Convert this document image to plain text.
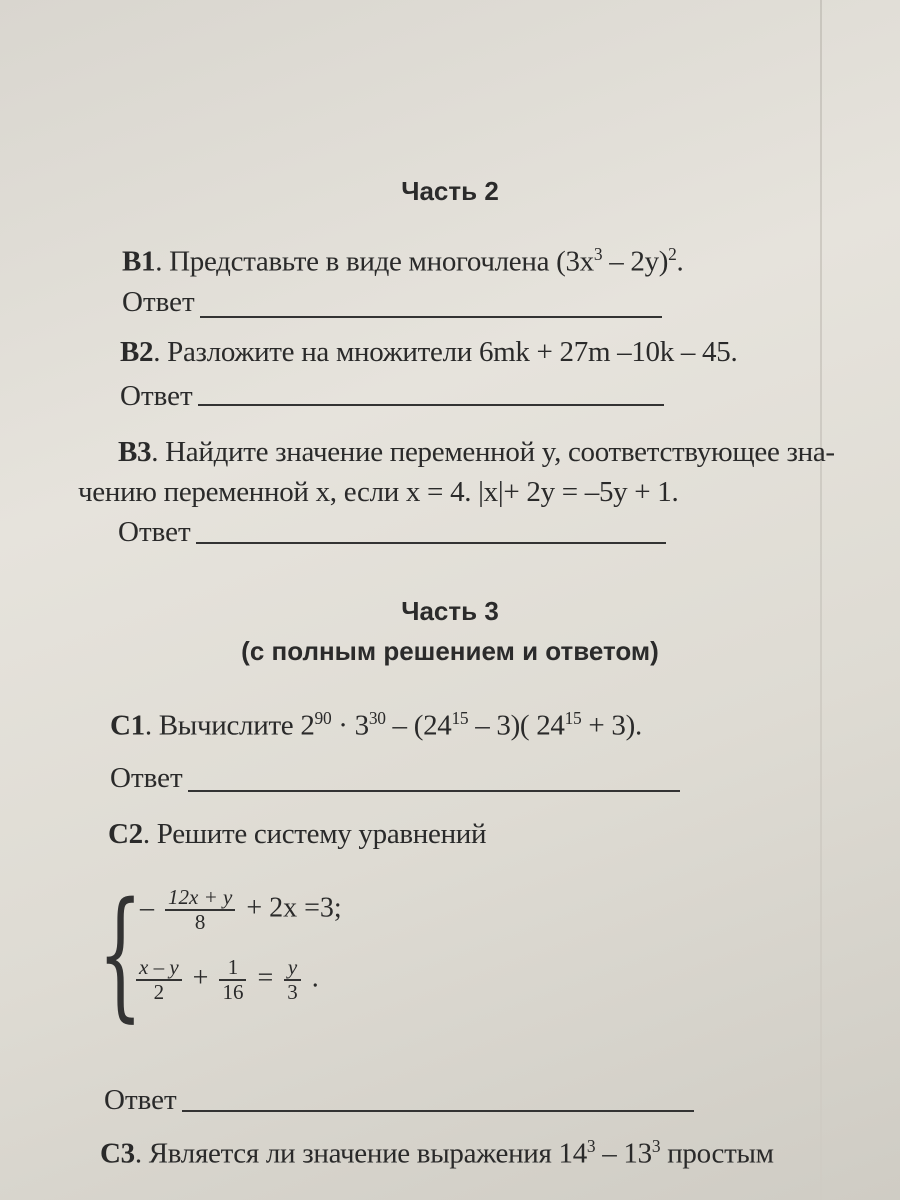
Часть 2
B1. Представьте в виде многочлена $(3x^3 - 2y)^2$.
Ответ
B2. Разложите на множители 6mk + 27m –10k – 45.
Ответ
B3. Найдите значение переменной y, соответствующее зна-
чению переменной x, если x = 4. |x|+ 2y = –5y + 1.
Ответ
Часть 3
(с полным решением и ответом)
C1. Вычислите $2^{90} \cdot 3^{30} - (24^{15} - 3)$( $24^{15} + 3$).
Ответ
C2. Решите систему уравнений
{
– $\frac{12x + y}{8} + 2x =3$;
$\frac{x - y}{2} + \frac{1}{16} = \frac{y}{3}$ .
Ответ
C3. Является ли значение выражения $14^3 - 13^3$ простым
